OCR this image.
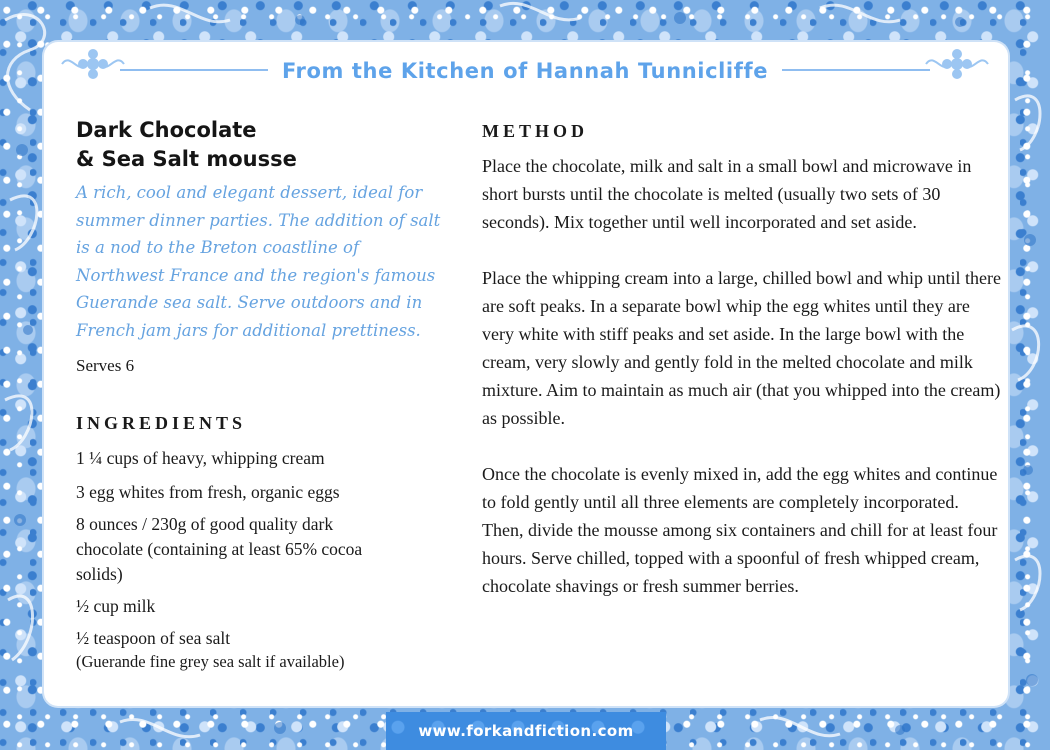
From the Kitchen of Hannah Tunnicliffe
Dark Chocolate
& Sea Salt mousse
A rich, cool and elegant dessert, ideal for summer dinner parties. The addition of salt is a nod to the Breton coastline of Northwest France and the region's famous Guerande sea salt. Serve outdoors and in French jam jars for additional prettiness.
Serves 6
INGREDIENTS
1 ¼ cups of heavy, whipping cream
3 egg whites from fresh, organic eggs
8 ounces / 230g of good quality dark chocolate (containing at least 65% cocoa solids)
½ cup milk
½ teaspoon of sea salt
(Guerande fine grey sea salt if available)
METHOD

Place the chocolate, milk and salt in a small bowl and microwave in short bursts until the chocolate is melted (usually two sets of 30 seconds). Mix together until well incorporated and set aside.

Place the whipping cream into a large, chilled bowl and whip until there are soft peaks. In a separate bowl whip the egg whites until they are very white with stiff peaks and set aside. In the large bowl with the cream, very slowly and gently fold in the melted chocolate and milk mixture. Aim to maintain as much air (that you whipped into the cream) as possible.

Once the chocolate is evenly mixed in, add the egg whites and continue to fold gently until all three elements are completely incorporated. Then, divide the mousse among six containers and chill for at least four hours. Serve chilled, topped with a spoonful of fresh whipped cream, chocolate shavings or fresh summer berries.

www.forkandfiction.com
